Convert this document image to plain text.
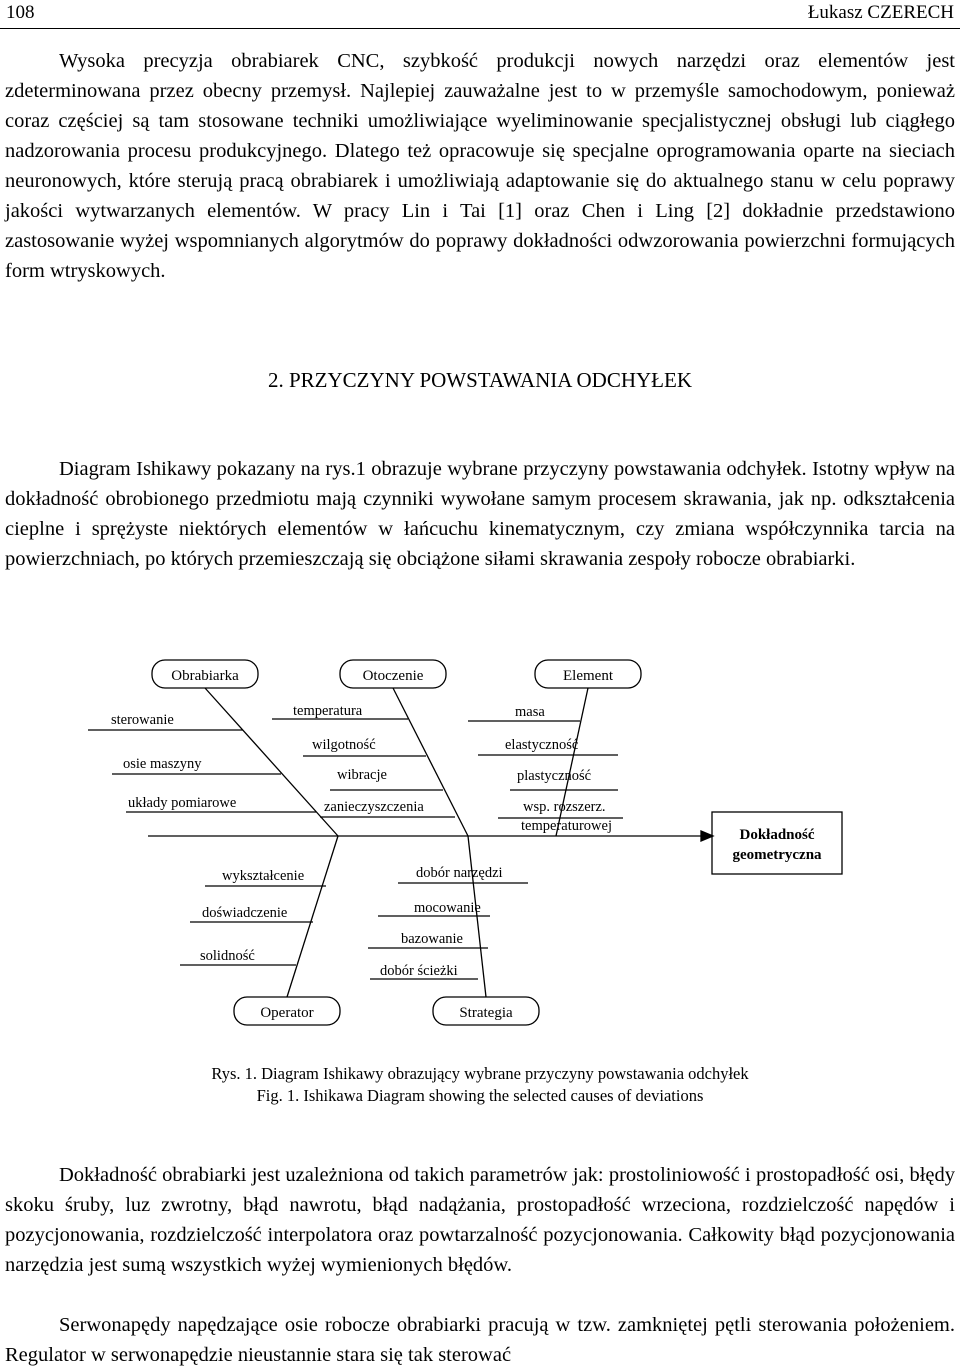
108	Łukasz CZERECH

Wysoka precyzja obrabiarek CNC, szybkość produkcji nowych narzędzi oraz elementów jest zdeterminowana przez obecny przemysł. Najlepiej zauważalne jest to w przemyśle samochodowym, ponieważ coraz częściej są tam stosowane techniki umożliwiające wyeliminowanie specjalistycznej obsługi lub ciągłego nadzorowania procesu produkcyjnego. Dlatego też opracowuje się specjalne oprogramowania oparte na sieciach neuronowych, które sterują pracą obrabiarek i umożliwiają adaptowanie się do aktualnego stanu w celu poprawy jakości wytwarzanych elementów. W pracy Lin i Tai [1] oraz Chen i Ling [2] dokładnie przedstawiono zastosowanie wyżej wspomnianych algorytmów do poprawy dokładności odwzorowania powierzchni formujących form wtryskowych.

2. PRZYCZYNY POWSTAWANIA ODCHYŁEK

Diagram Ishikawy pokazany na rys.1 obrazuje wybrane przyczyny powstawania odchyłek. Istotny wpływ na dokładność obrobionego przedmiotu mają czynniki wywołane samym procesem skrawania, jak np. odkształcenia cieplne i sprężyste niektórych elementów w łańcuchu kinematycznym, czy zmiana współczynnika tarcia na powierzchniach, po których przemieszczają się obciążone siłami skrawania zespoły robocze obrabiarki.

Obrabiarka	Otoczenie	Element
Operator	Strategia
sterowanie
osie maszyny
układy pomiarowe
temperatura
wilgotność
wibracje
zanieczyszczenia
masa
elastyczność
plastyczność
wsp. rozszerz.
temperaturowej
wykształcenie
doświadczenie
solidność
dobór narzędzi
mocowanie
bazowanie
dobór ścieżki
Dokładność
geometryczna
Rys. 1. Diagram Ishikawy obrazujący wybrane przyczyny powstawania odchyłek
Fig. 1. Ishikawa Diagram showing the selected causes of deviations

Dokładność obrabiarki jest uzależniona od takich parametrów jak: prostoliniowość i prostopadłość osi, błędy skoku śruby, luz zwrotny, błąd nawrotu, błąd nadążania, prostopadłość wrzeciona, rozdzielczość napędów i pozycjonowania, rozdzielczość interpolatora oraz powtarzalność pozycjonowania. Całkowity błąd pozycjonowania narzędzia jest sumą wszystkich wyżej wymienionych błędów.

Serwonapędy napędzające osie robocze obrabiarki pracują w tzw. zamkniętej pętli sterowania położeniem. Regulator w serwonapędzie nieustannie stara się tak sterować
